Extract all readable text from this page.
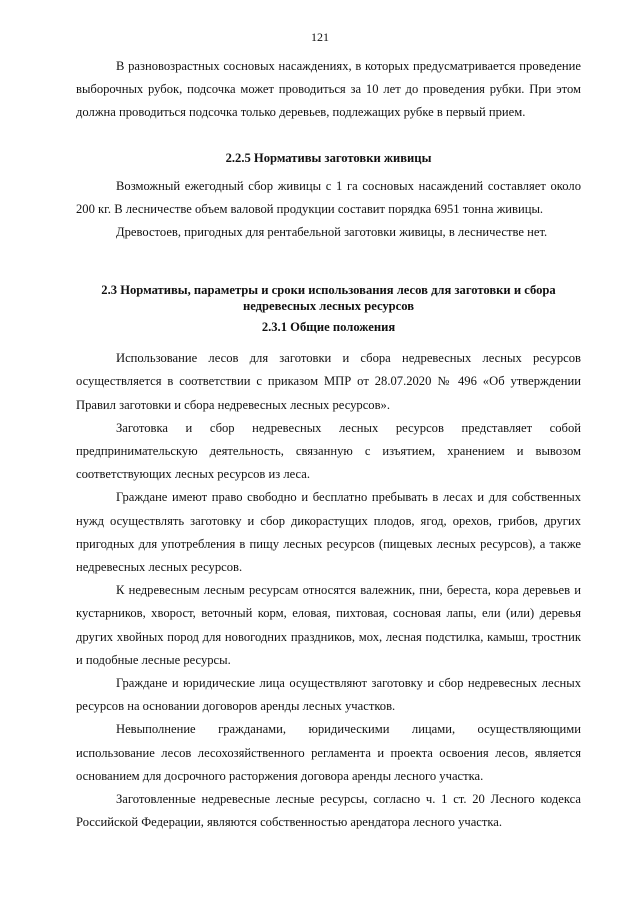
121

В разновозрастных сосновых насаждениях, в которых предусматривается проведение выборочных рубок, подсочка может проводиться за 10 лет до проведения рубки. При этом должна проводиться подсочка только деревьев, подлежащих рубке в первый прием.

2.2.5 Нормативы заготовки живицы

Возможный ежегодный сбор живицы с 1 га сосновых насаждений составляет около 200 кг. В лесничестве объем валовой продукции составит порядка 6951 тонна живицы.

Древостоев, пригодных для рентабельной заготовки живицы, в лесничестве нет.

2.3 Нормативы, параметры и сроки использования лесов для заготовки и сбора
недревесных лесных ресурсов
2.3.1 Общие положения

Использование лесов для заготовки и сбора недревесных лесных ресурсов осуществляется в соответствии с приказом МПР от 28.07.2020 № 496 «Об утверждении Правил заготовки и сбора недревесных лесных ресурсов».

Заготовка и сбор недревесных лесных ресурсов представляет собой предпринимательскую деятельность, связанную с изъятием, хранением и вывозом соответствующих лесных ресурсов из леса.

Граждане имеют право свободно и бесплатно пребывать в лесах и для собственных нужд осуществлять заготовку и сбор дикорастущих плодов, ягод, орехов, грибов, других пригодных для употребления в пищу лесных ресурсов (пищевых лесных ресурсов), а также недревесных лесных ресурсов.

К недревесным лесным ресурсам относятся валежник, пни, береста, кора деревьев и кустарников, хворост, веточный корм, еловая, пихтовая, сосновая лапы, ели (или) деревья других хвойных пород для новогодних праздников, мох, лесная подстилка, камыш, тростник и подобные лесные ресурсы.

Граждане и юридические лица осуществляют заготовку и сбор недревесных лесных ресурсов на основании договоров аренды лесных участков.

Невыполнение гражданами, юридическими лицами, осуществляющими использование лесов лесохозяйственного регламента и проекта освоения лесов, является основанием для досрочного расторжения договора аренды лесного участка.

Заготовленные недревесные лесные ресурсы, согласно ч. 1 ст. 20 Лесного кодекса Российской Федерации, являются собственностью арендатора лесного участка.
